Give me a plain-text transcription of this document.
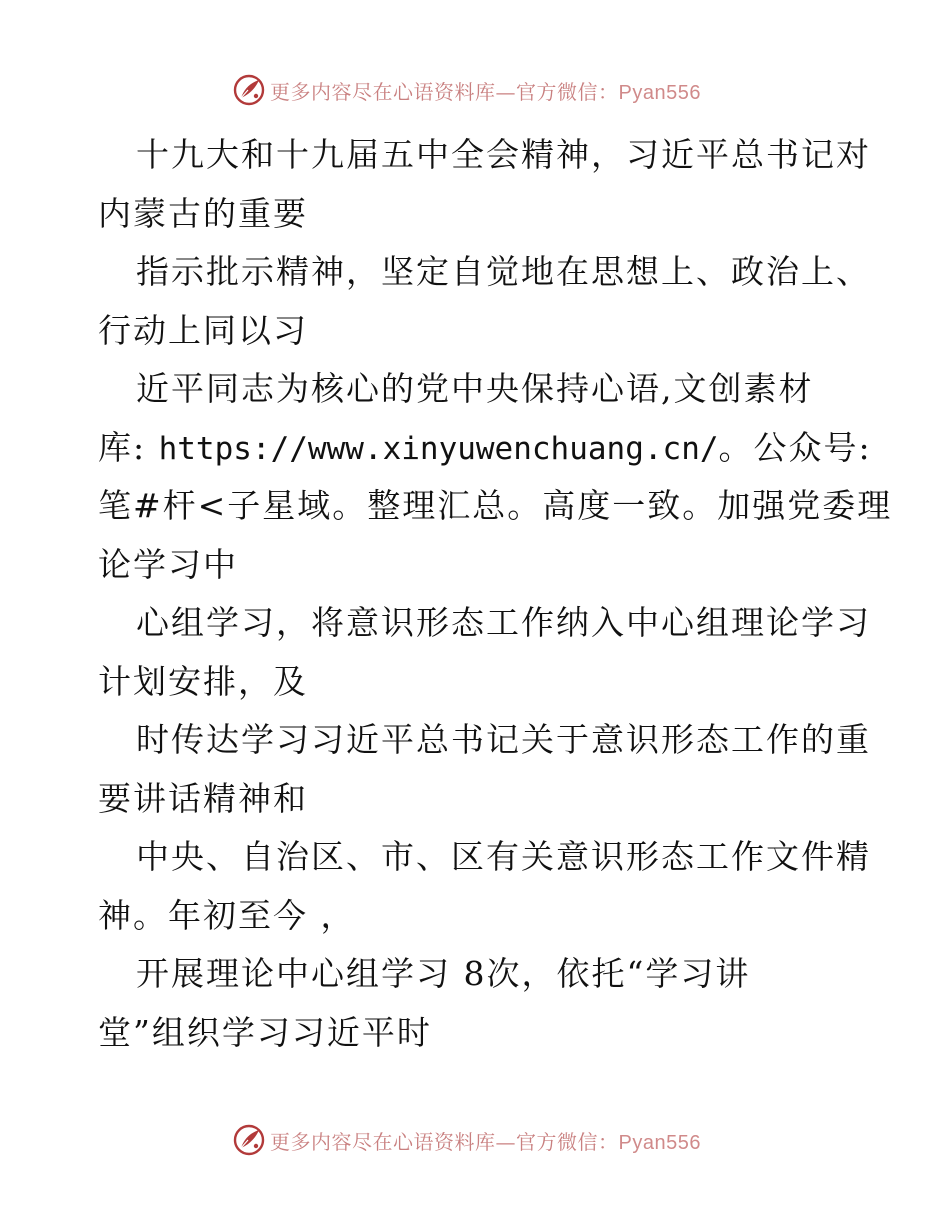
更多内容尽在心语资料库—官方微信：Pyan556
十九大和十九届五中全会精神，习近平总书记对
内蒙古的重要
指示批示精神，坚定自觉地在思想上、政治上、
行动上同以习
近平同志为核心的党中央保持心语,文创素材
库: https://www.xinyuwenchuang.cn/。公众号:
笔#杆<子星域。整理汇总。高度一致。加强党委理
论学习中
心组学习，将意识形态工作纳入中心组理论学习
计划安排，及
时传达学习习近平总书记关于意识形态工作的重
要讲话精神和
中央、自治区、市、区有关意识形态工作文件精
神。年初至今 ，
开展理论中心组学习 8次，依托“学习讲
堂”组织学习习近平时
更多内容尽在心语资料库—官方微信：Pyan556
